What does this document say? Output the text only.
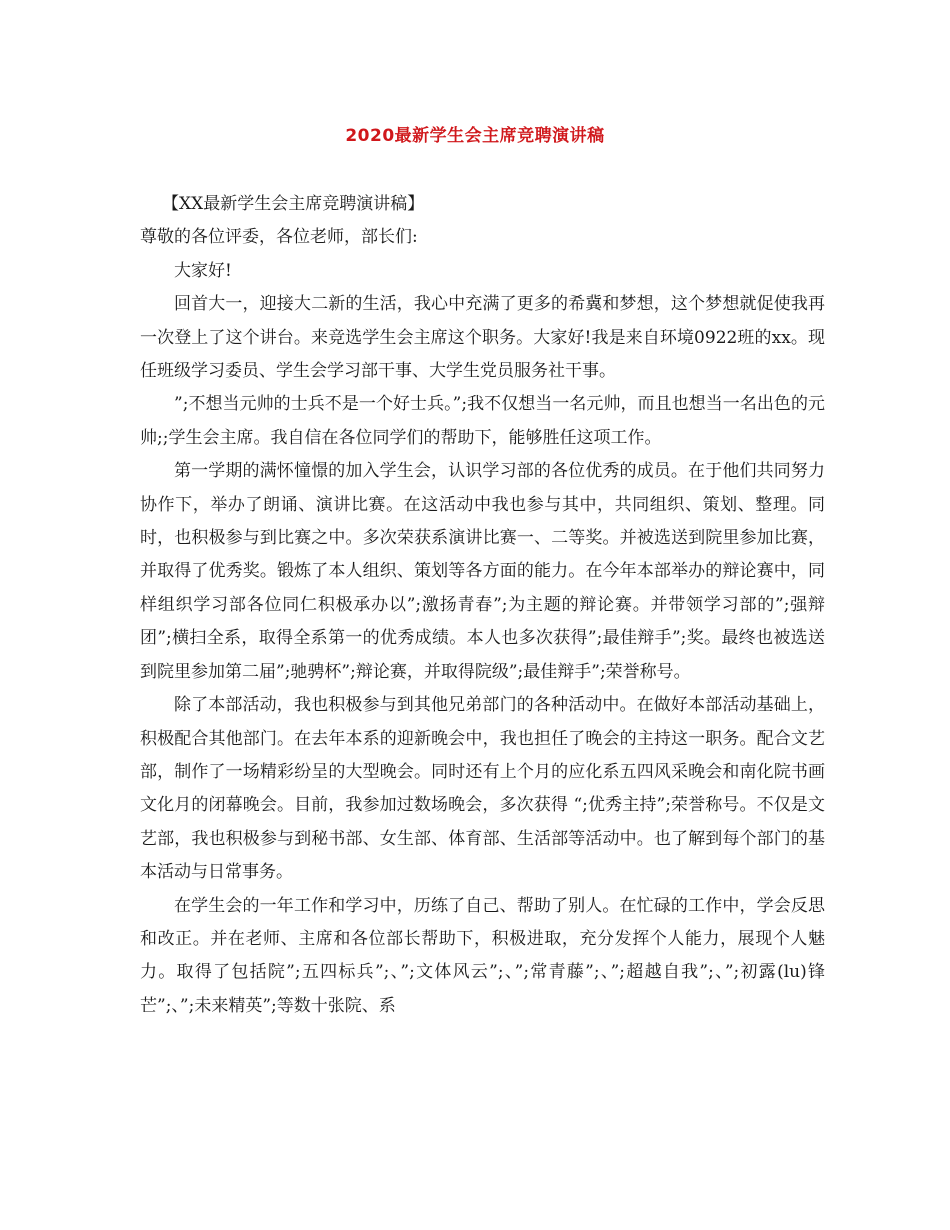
2020最新学生会主席竞聘演讲稿

【XX最新学生会主席竞聘演讲稿】

尊敬的各位评委，各位老师，部长们:

大家好!

回首大一，迎接大二新的生活，我心中充满了更多的希冀和梦想，这个梦想就促使我再一次登上了这个讲台。来竞选学生会主席这个职务。大家好!我是来自环境0922班的xx。现任班级学习委员、学生会学习部干事、大学生党员服务社干事。

”;不想当元帅的士兵不是一个好士兵。”;我不仅想当一名元帅，而且也想当一名出色的元帅;;学生会主席。我自信在各位同学们的帮助下，能够胜任这项工作。

第一学期的满怀憧憬的加入学生会，认识学习部的各位优秀的成员。在于他们共同努力协作下，举办了朗诵、演讲比赛。在这活动中我也参与其中，共同组织、策划、整理。同时，也积极参与到比赛之中。多次荣获系演讲比赛一、二等奖。并被选送到院里参加比赛，并取得了优秀奖。锻炼了本人组织、策划等各方面的能力。在今年本部举办的辩论赛中，同样组织学习部各位同仁积极承办以”;激扬青春”;为主题的辩论赛。并带领学习部的”;强辩团”;横扫全系，取得全系第一的优秀成绩。本人也多次获得”;最佳辩手”;奖。最终也被选送到院里参加第二届”;驰骋杯”;辩论赛，并取得院级”;最佳辩手”;荣誉称号。

除了本部活动，我也积极参与到其他兄弟部门的各种活动中。在做好本部活动基础上，积极配合其他部门。在去年本系的迎新晚会中，我也担任了晚会的主持这一职务。配合文艺部，制作了一场精彩纷呈的大型晚会。同时还有上个月的应化系五四风采晚会和南化院书画文化月的闭幕晚会。目前，我参加过数场晚会，多次获得 “;优秀主持”;荣誉称号。不仅是文艺部，我也积极参与到秘书部、女生部、体育部、生活部等活动中。也了解到每个部门的基本活动与日常事务。

在学生会的一年工作和学习中，历练了自己、帮助了别人。在忙碌的工作中，学会反思和改正。并在老师、主席和各位部长帮助下，积极进取，充分发挥个人能力，展现个人魅力。取得了包括院”;五四标兵”;、”;文体风云”;、”;常青藤”;、”;超越自我”;、”;初露(lu)锋芒”;、”;未来精英”;等数十张院、系
